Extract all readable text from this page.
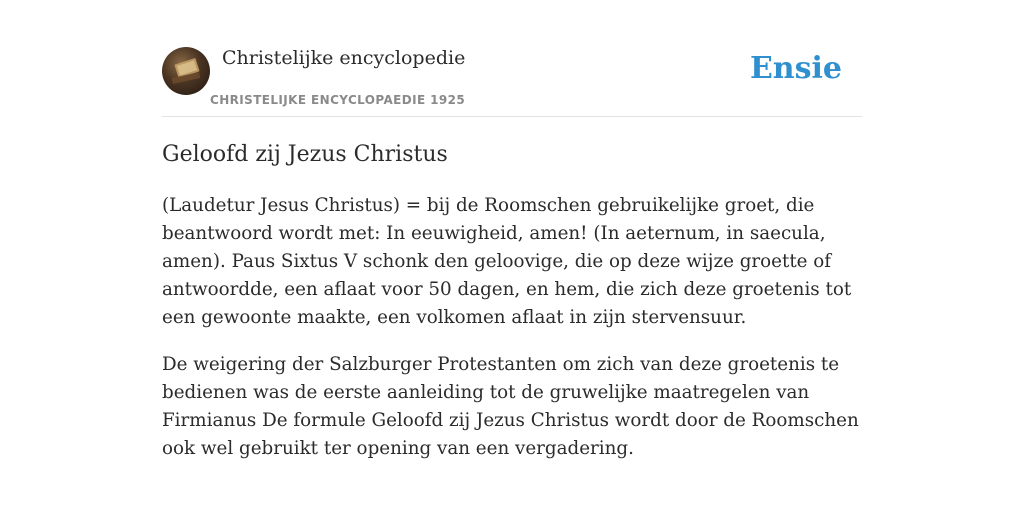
Christelijke encyclopedie
CHRISTELIJKE ENCYCLOPAEDIE 1925
Ensie
Geloofd zij Jezus Christus

(Laudetur Jesus Christus) = bij de Roomschen gebruikelijke groet, die beantwoord wordt met: In eeuwigheid, amen! (In aeternum, in saecula, amen). Paus Sixtus V schonk den geloovige, die op deze wijze groette of antwoordde, een aflaat voor 50 dagen, en hem, die zich deze groetenis tot een gewoonte maakte, een volkomen aflaat in zijn stervensuur.

De weigering der Salzburger Protestanten om zich van deze groetenis te bedienen was de eerste aanleiding tot de gruwelijke maatregelen van Firmianus De formule Geloofd zij Jezus Christus wordt door de Roomschen ook wel gebruikt ter opening van een vergadering.
